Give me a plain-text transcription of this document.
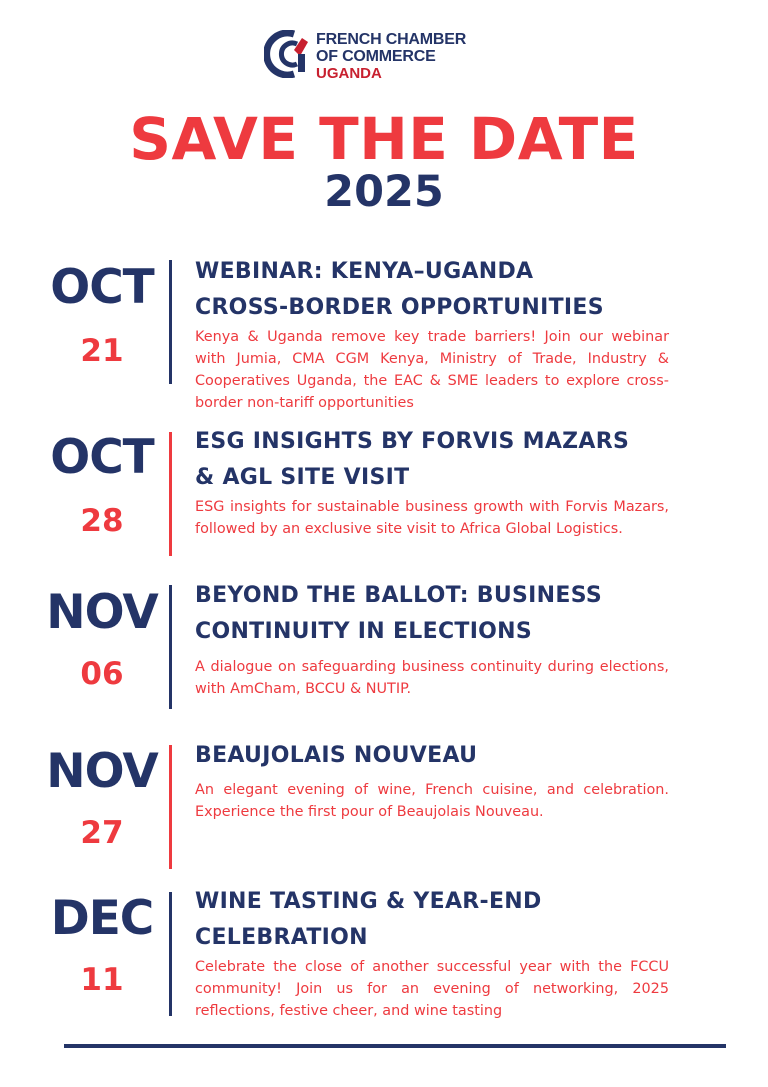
FRENCH CHAMBER
OF COMMERCE
UGANDA
SAVE THE DATE
2025
OCT
21
WEBINAR: KENYA–UGANDA
CROSS-BORDER OPPORTUNITIES
Kenya & Uganda remove key trade barriers! Join our webinar with Jumia, CMA CGM Kenya, Ministry of Trade, Industry & Cooperatives Uganda, the EAC & SME leaders to explore cross-border non-tariff opportunities
OCT
28
ESG INSIGHTS BY FORVIS MAZARS
& AGL SITE VISIT
ESG insights for sustainable business growth with Forvis Mazars, followed by an exclusive site visit to Africa Global Logistics.
NOV
06
BEYOND THE BALLOT: BUSINESS
CONTINUITY IN ELECTIONS
A dialogue on safeguarding business continuity during elections, with AmCham, BCCU & NUTIP.
NOV
27
BEAUJOLAIS NOUVEAU
An elegant evening of wine, French cuisine, and celebration. Experience the first pour of Beaujolais Nouveau.
DEC
11
WINE TASTING & YEAR-END
CELEBRATION
Celebrate the close of another successful year with the FCCU community! Join us for an evening of networking, 2025 reflections, festive cheer, and wine tasting
